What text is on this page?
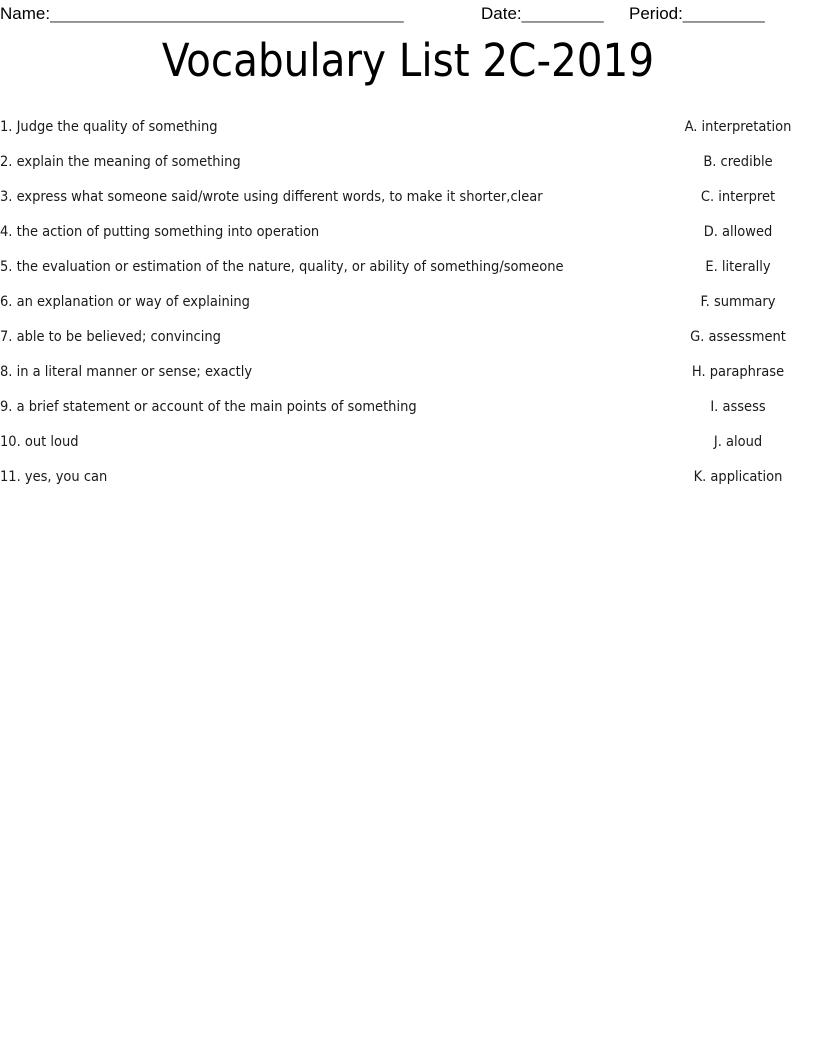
Name:_______________________________________	Date:_________ Period:_________
Vocabulary List 2C-2019
1. Judge the quality of something
2. explain the meaning of something
3. express what someone said/wrote using different words, to make it shorter,clear
4. the action of putting something into operation
5. the evaluation or estimation of the nature, quality, or ability of something/someone
6. an explanation or way of explaining
7. able to be believed; convincing
8. in a literal manner or sense; exactly
9. a brief statement or account of the main points of something
10. out loud
11. yes, you can
A. interpretation
B. credible
C. interpret
D. allowed
E. literally
F. summary
G. assessment
H. paraphrase
I. assess
J. aloud
K. application
